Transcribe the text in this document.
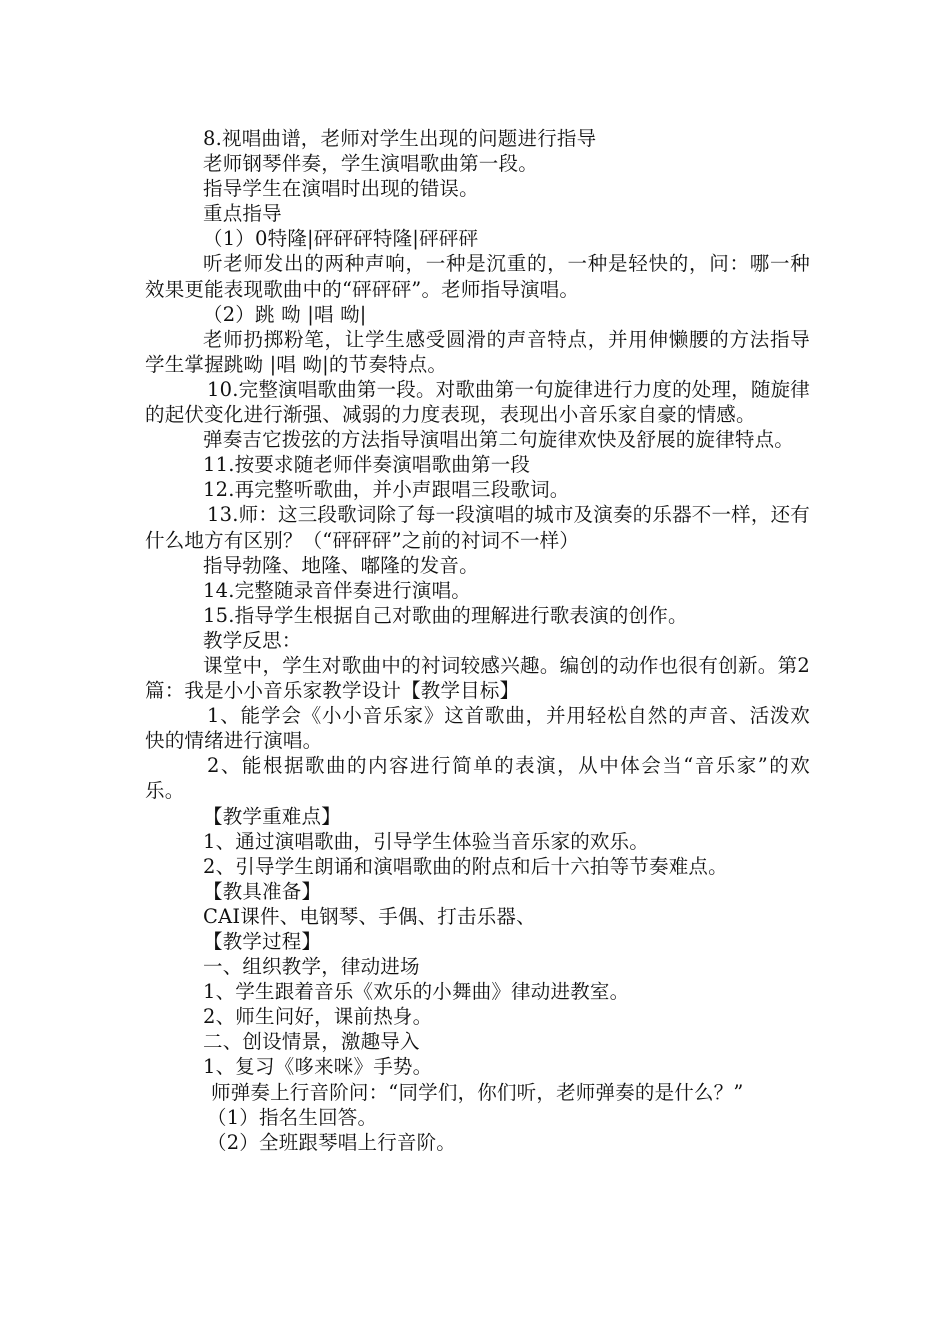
8.视唱曲谱，老师对学生出现的问题进行指导

老师钢琴伴奏，学生演唱歌曲第一段。

指导学生在演唱时出现的错误。

重点指导

（1）0特隆|砰砰砰特隆|砰砰砰

听老师发出的两种声响，一种是沉重的，一种是轻快的，问：哪一种效果更能表现歌曲中的“砰砰砰”。老师指导演唱。

（2）跳 呦 |唱 呦|

老师扔掷粉笔，让学生感受圆滑的声音特点，并用伸懒腰的方法指导学生掌握跳呦 |唱 呦|的节奏特点。

10.完整演唱歌曲第一段。对歌曲第一句旋律进行力度的处理，随旋律的起伏变化进行渐强、减弱的力度表现，表现出小音乐家自豪的情感。

弹奏吉它拨弦的方法指导演唱出第二句旋律欢快及舒展的旋律特点。

11.按要求随老师伴奏演唱歌曲第一段

12.再完整听歌曲，并小声跟唱三段歌词。

13.师：这三段歌词除了每一段演唱的城市及演奏的乐器不一样，还有什么地方有区别？（“砰砰砰”之前的衬词不一样）

指导勃隆、地隆、嘟隆的发音。

14.完整随录音伴奏进行演唱。

15.指导学生根据自己对歌曲的理解进行歌表演的创作。

教学反思：

课堂中，学生对歌曲中的衬词较感兴趣。编创的动作也很有创新。第2篇：我是小小音乐家教学设计【教学目标】

1、能学会《小小音乐家》这首歌曲，并用轻松自然的声音、活泼欢快的情绪进行演唱。

2、能根据歌曲的内容进行简单的表演，从中体会当“音乐家”的欢乐。

【教学重难点】

1、通过演唱歌曲，引导学生体验当音乐家的欢乐。

2、引导学生朗诵和演唱歌曲的附点和后十六拍等节奏难点。

【教具准备】

CAI课件、电钢琴、手偶、打击乐器、

【教学过程】

一、组织教学，律动进场

1、学生跟着音乐《欢乐的小舞曲》律动进教室。

2、师生问好，课前热身。

二、创设情景，激趣导入

1、复习《哆来咪》手势。

师弹奏上行音阶问：“同学们，你们听，老师弹奏的是什么？”

（1）指名生回答。

（2）全班跟琴唱上行音阶。
